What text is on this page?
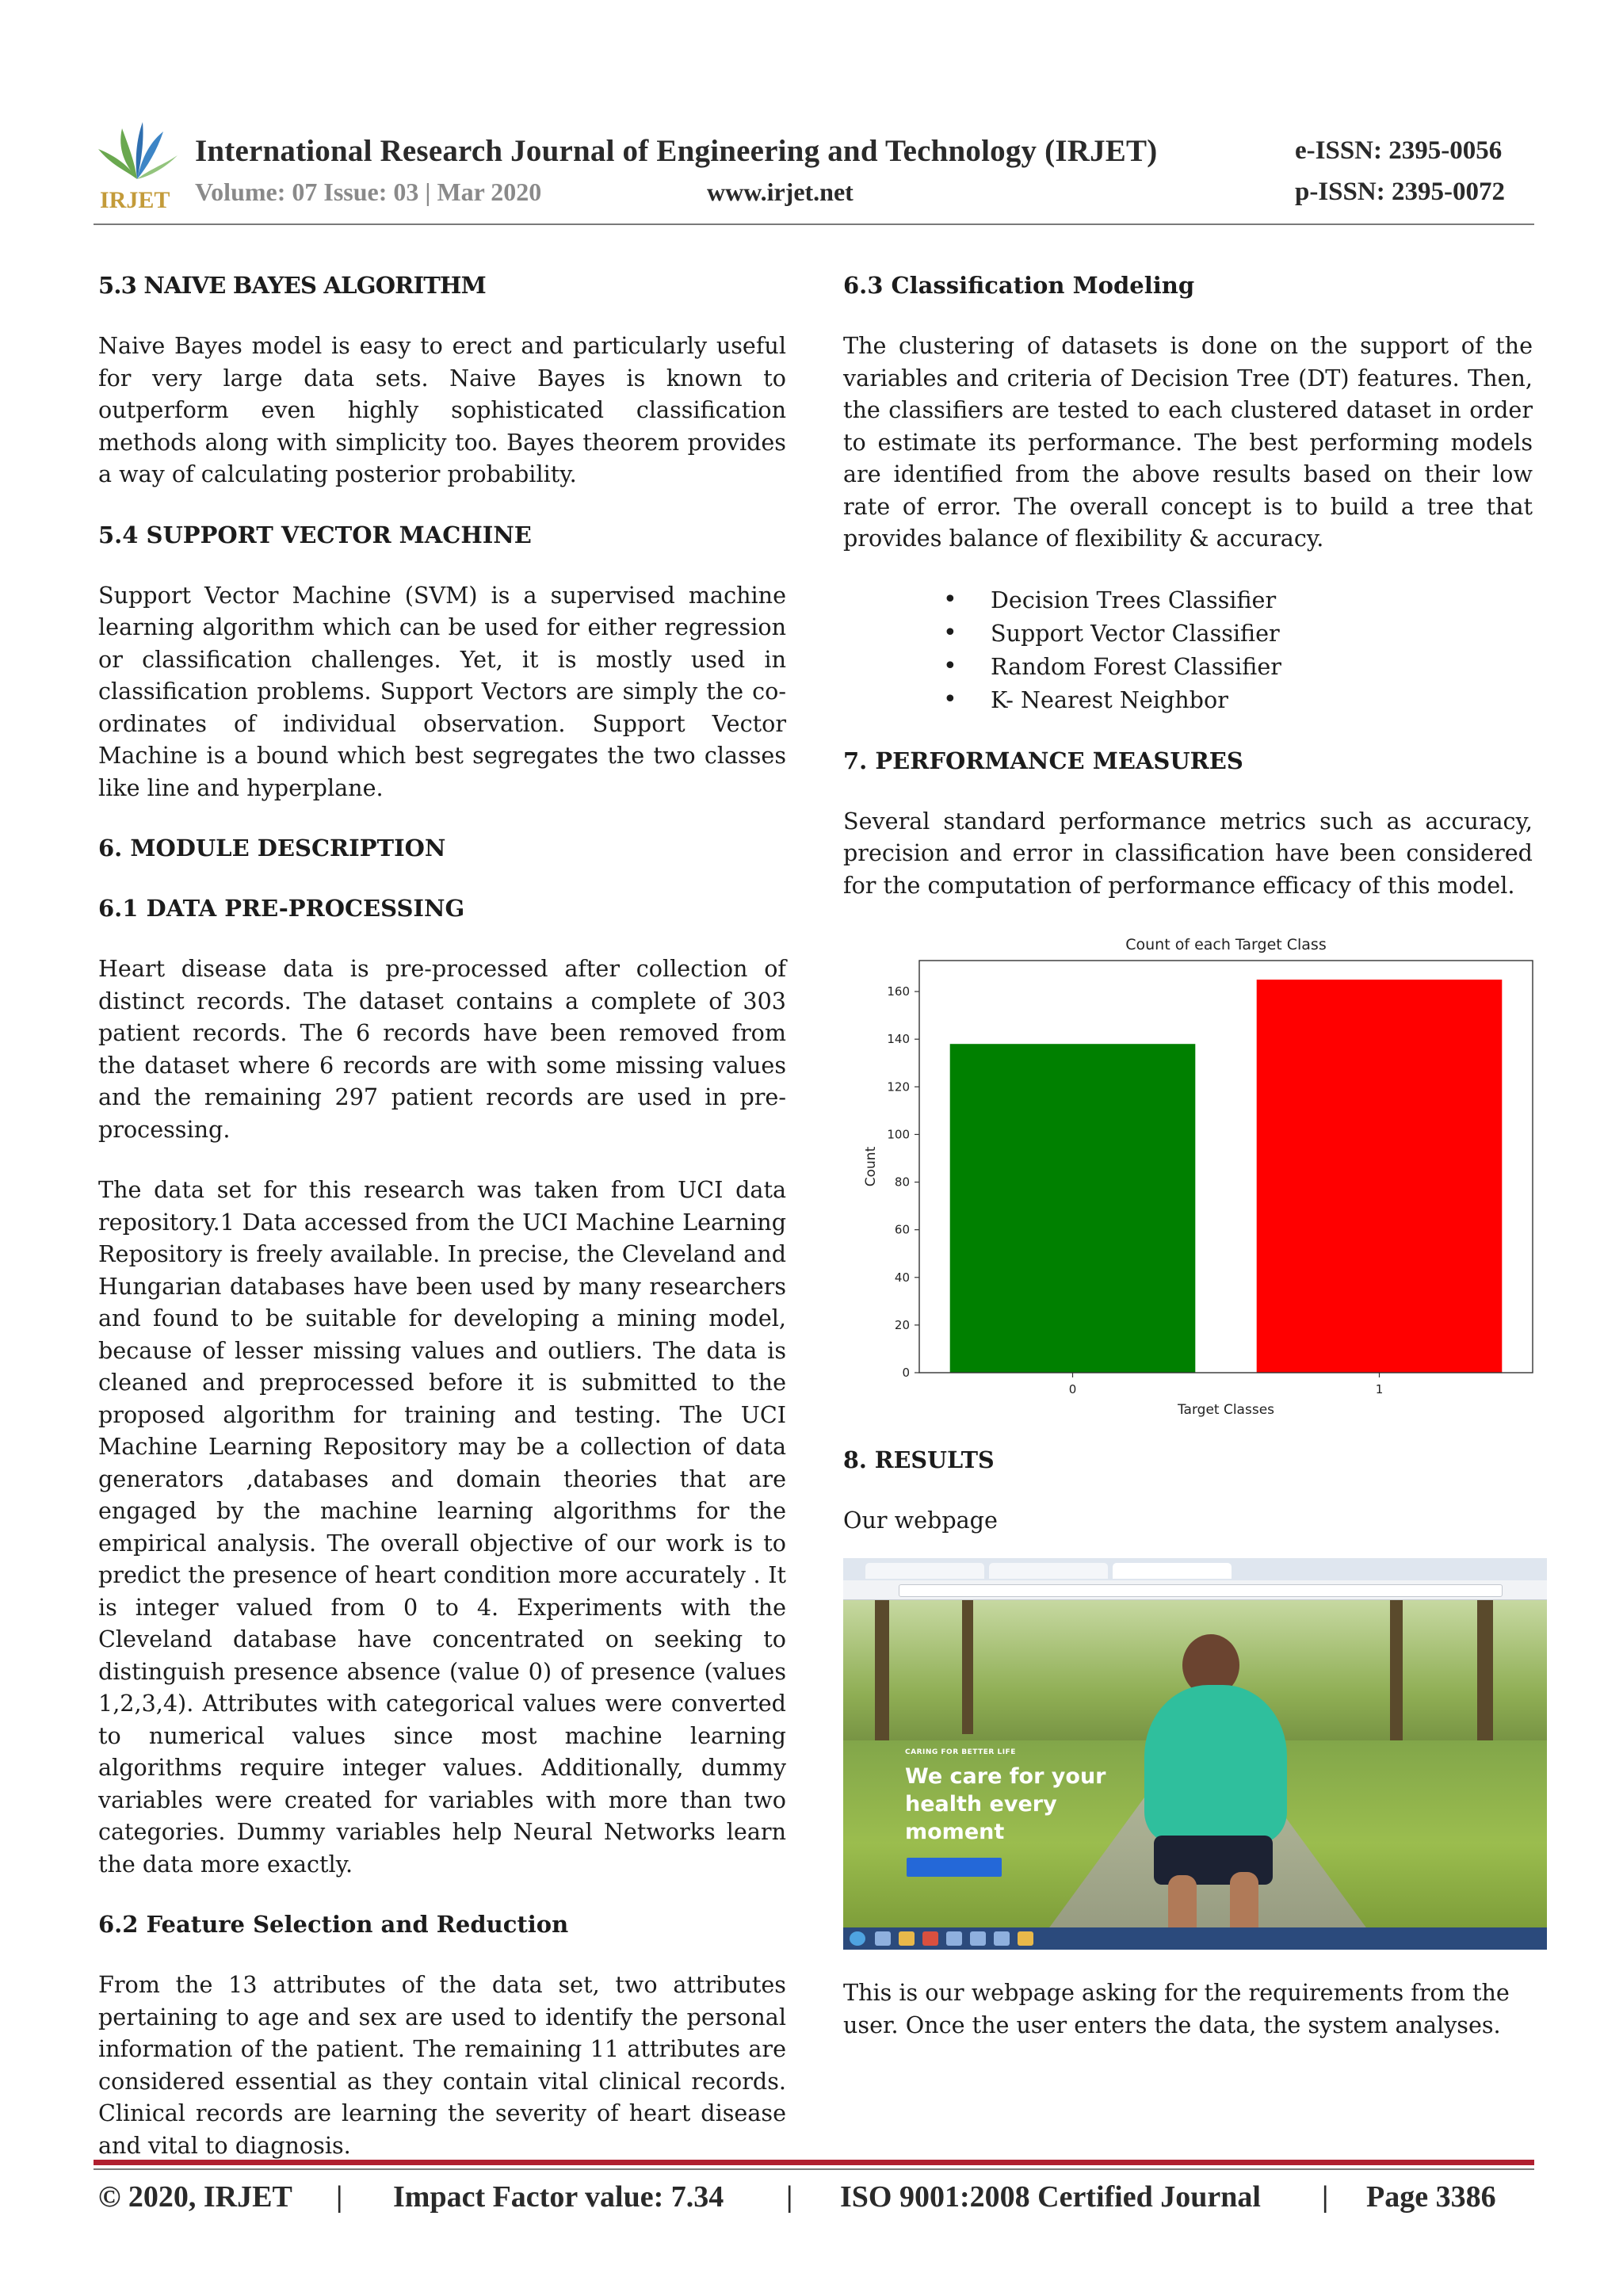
IRJET
International Research Journal of Engineering and Technology (IRJET)
Volume: 07 Issue: 03 | Mar 2020	www.irjet.net
e-ISSN: 2395-0056
p-ISSN: 2395-0072
5.3 NAIVE BAYES ALGORITHM

Naive Bayes model is easy to erect and particularly useful for very large data sets. Naive Bayes is known to outperform even highly sophisticated classification methods along with simplicity too. Bayes theorem provides a way of calculating posterior probability.

5.4 SUPPORT VECTOR MACHINE

Support Vector Machine (SVM) is a supervised machine learning algorithm which can be used for either regression or classification challenges. Yet, it is mostly used in classification problems. Support Vectors are simply the co-ordinates of individual observation. Support Vector Machine is a bound which best segregates the two classes like line and hyperplane.

6. MODULE DESCRIPTION
6.1 DATA PRE-PROCESSING

Heart disease data is pre-processed after collection of distinct records. The dataset contains a complete of 303 patient records. The 6 records have been removed from the dataset where 6 records are with some missing values and the remaining 297 patient records are used in pre-processing.

The data set for this research was taken from UCI data repository.1 Data accessed from the UCI Machine Learning Repository is freely available. In precise, the Cleveland and Hungarian databases have been used by many researchers and found to be suitable for developing a mining model, because of lesser missing values and outliers. The data is cleaned and preprocessed before it is submitted to the proposed algorithm for training and testing. The UCI Machine Learning Repository may be a collection of data generators ,databases and domain theories that are engaged by the machine learning algorithms for the empirical analysis. The overall objective of our work is to predict the presence of heart condition more accurately . It is integer valued from 0 to 4. Experiments with the Cleveland database have concentrated on seeking to distinguish presence absence (value 0) of presence (values 1,2,3,4). Attributes with categorical values were converted to numerical values since most machine learning algorithms require integer values. Additionally, dummy variables were created for variables with more than two categories. Dummy variables help Neural Networks learn the data more exactly.

6.2 Feature Selection and Reduction

From the 13 attributes of the data set, two attributes pertaining to age and sex are used to identify the personal information of the patient. The remaining 11 attributes are considered essential as they contain vital clinical records. Clinical records are learning the severity of heart disease and vital to diagnosis.

6.3 Classification Modeling

The clustering of datasets is done on the support of the variables and criteria of Decision Tree (DT) features. Then, the classifiers are tested to each clustered dataset in order to estimate its performance. The best performing models are identified from the above results based on their low rate of error. The overall concept is to build a tree that provides balance of flexibility & accuracy.

• Decision Trees Classifier
• Support Vector Classifier
• Random Forest Classifier
• K- Nearest Neighbor
7. PERFORMANCE MEASURES

Several standard performance metrics such as accuracy, precision and error in classification have been considered for the computation of performance efficacy of this model.

Count of each Target Class
0	1
0
20
40
60
80
100
120
140
160
Target Classes
Count
8. RESULTS
Our webpage
CARING FOR BETTER LIFE
We care for your
health every
moment

This is our webpage asking for the requirements from the user. Once the user enters the data, the system analyses.

© 2020, IRJET | Impact Factor value: 7.34 | ISO 9001:2008 Certified Journal | Page 3386
